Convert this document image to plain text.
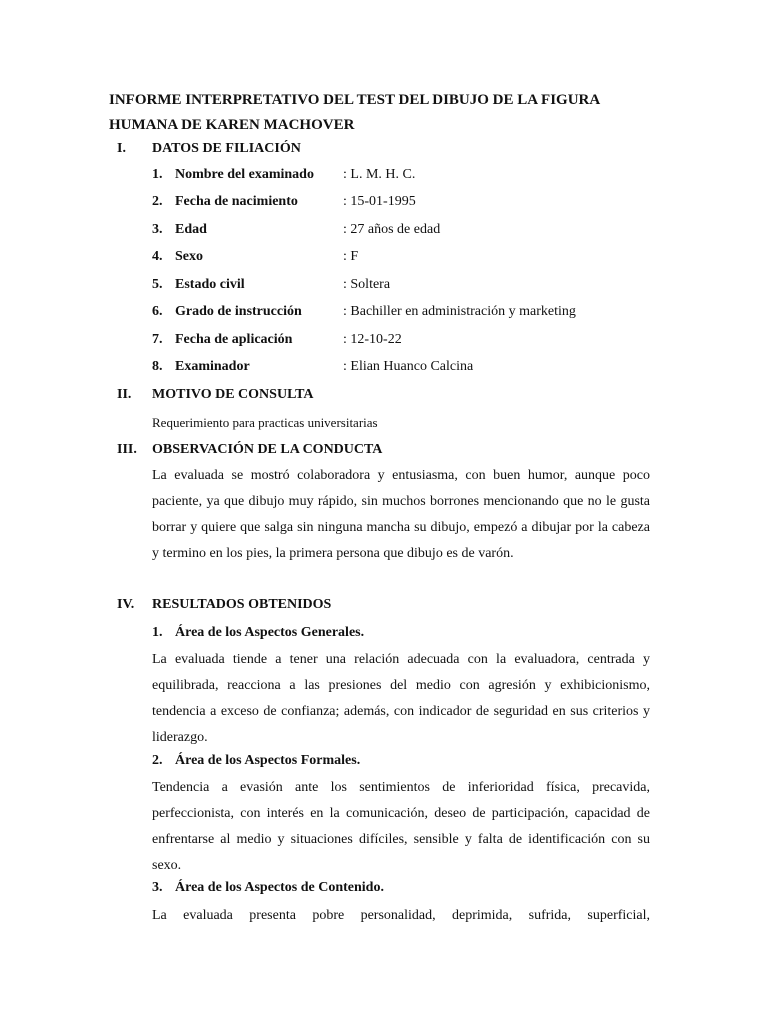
INFORME INTERPRETATIVO DEL TEST DEL DIBUJO DE LA FIGURA
HUMANA DE KAREN MACHOVER
I. DATOS DE FILIACIÓN
1. Nombre del examinado : L. M. H. C.
2. Fecha de nacimiento	: 15-01-1995
3. Edad	: 27 años de edad
4. Sexo	: F
5. Estado civil	: Soltera
6. Grado de instrucción	: Bachiller en administración y marketing
7. Fecha de aplicación	: 12-10-22
8. Examinador	: Elian Huanco Calcina
II. MOTIVO DE CONSULTA
Requerimiento para practicas universitarias
III. OBSERVACIÓN DE LA CONDUCTA

La evaluada se mostró colaboradora y entusiasma, con buen humor, aunque poco paciente, ya que dibujo muy rápido, sin muchos borrones mencionando que no le gusta borrar y quiere que salga sin ninguna mancha su dibujo, empezó a dibujar por la cabeza y termino en los pies, la primera persona que dibujo es de varón.

IV. RESULTADOS OBTENIDOS
1. Área de los Aspectos Generales.

La evaluada tiende a tener una relación adecuada con la evaluadora, centrada y equilibrada, reacciona a las presiones del medio con agresión y exhibicionismo, tendencia a exceso de confianza; además, con indicador de seguridad en sus criterios y liderazgo.

2. Área de los Aspectos Formales.

Tendencia a evasión ante los sentimientos de inferioridad física, precavida, perfeccionista, con interés en la comunicación, deseo de participación, capacidad de enfrentarse al medio y situaciones difíciles, sensible y falta de identificación con su sexo.

3. Área de los Aspectos de Contenido.

La evaluada presenta pobre personalidad, deprimida, sufrida, superficial,
